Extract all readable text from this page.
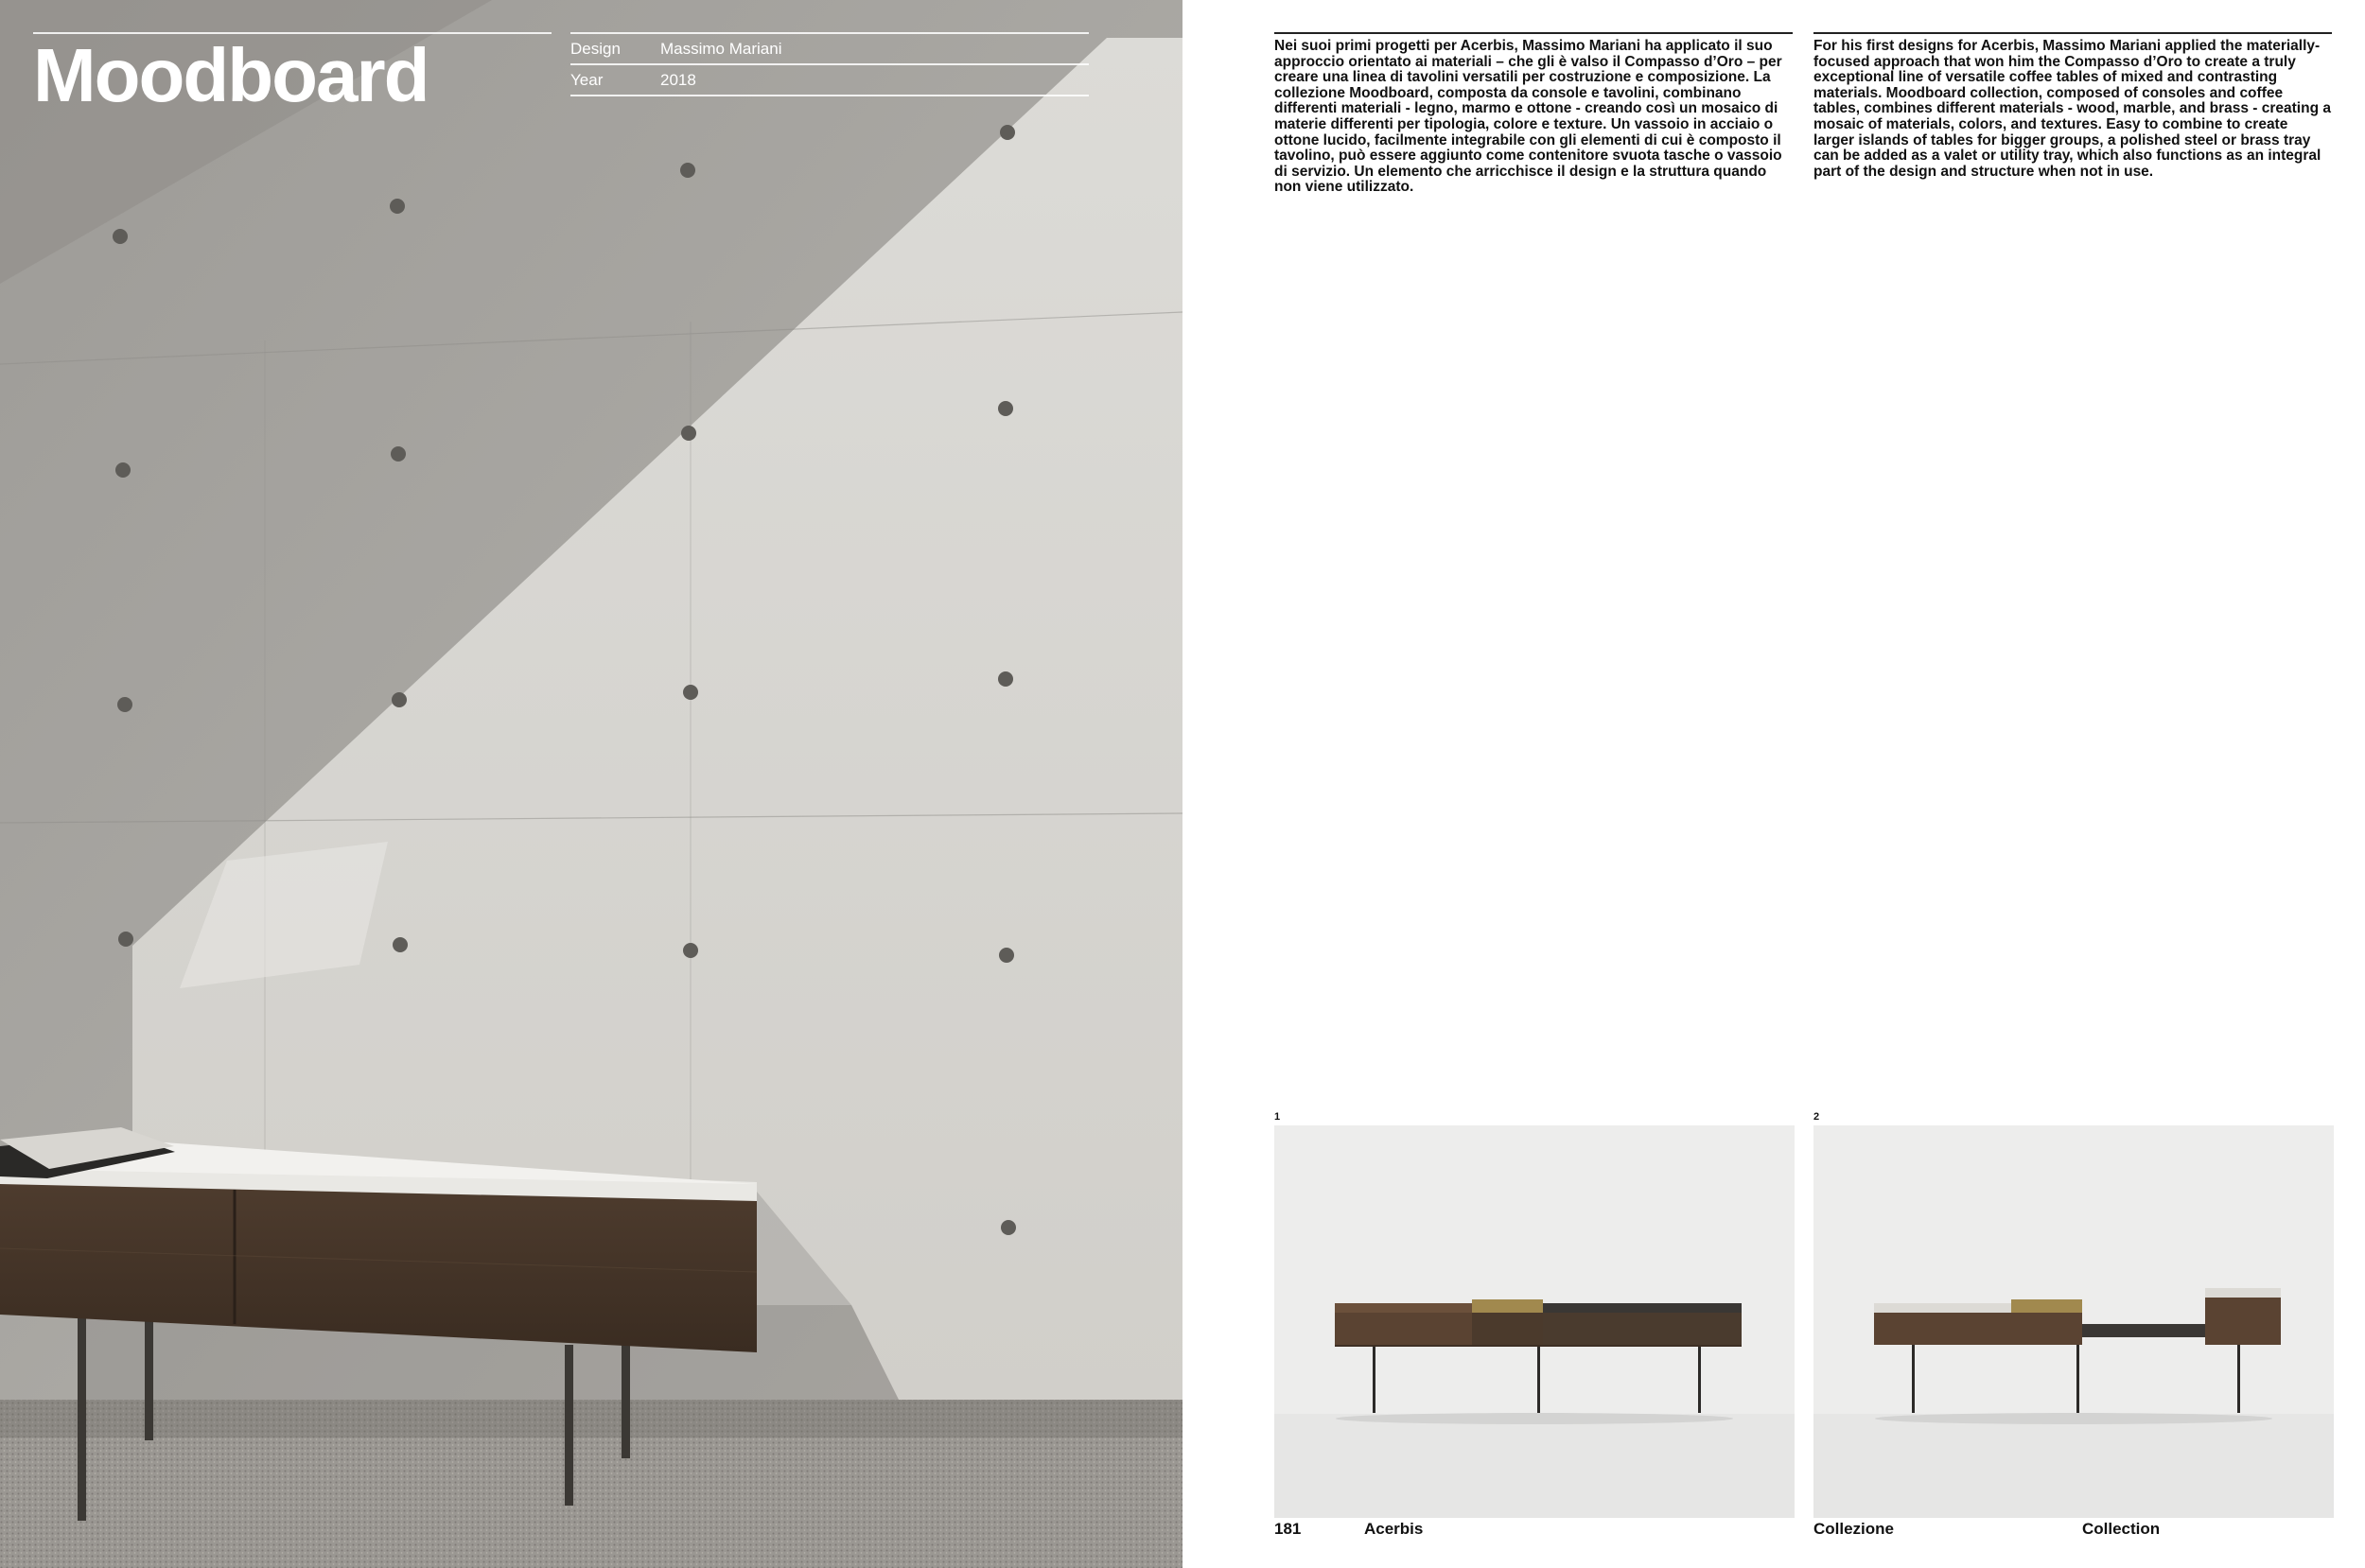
Moodboard	Design	Massimo Mariani
Year	2018
Nei suoi primi progetti per Acerbis, Massimo Mariani ha applicato il suo approccio orientato ai materiali – che gli è valso il Compasso d’Oro – per creare una linea di tavolini versatili per costruzione e composizione. La collezione Moodboard, composta da console e tavolini, combinano differenti materiali - legno, marmo e ottone - creando così un mosaico di materie differenti per tipologia, colore e texture. Un vassoio in acciaio o ottone lucido, facilmente integrabile con gli elementi di cui è composto il tavolino, può essere aggiunto come contenitore svuota tasche o vassoio di servizio. Un elemento che arricchisce il design e la struttura quando non viene utilizzato.
For his first designs for Acerbis, Massimo Mariani applied the materially-focused approach that won him the Compasso d’Oro to create a truly exceptional line of versatile coffee tables of mixed and contrasting materials. Moodboard collection, composed of consoles and coffee tables, combines different materials - wood, marble, and brass - creating a mosaic of materials, colors, and textures. Easy to combine to create larger islands of tables for bigger groups, a polished steel or brass tray can be added as a valet or utility tray, which also functions as an integral part of the design and structure when not in use.
1	2
181	Acerbis	Collezione	Collection
